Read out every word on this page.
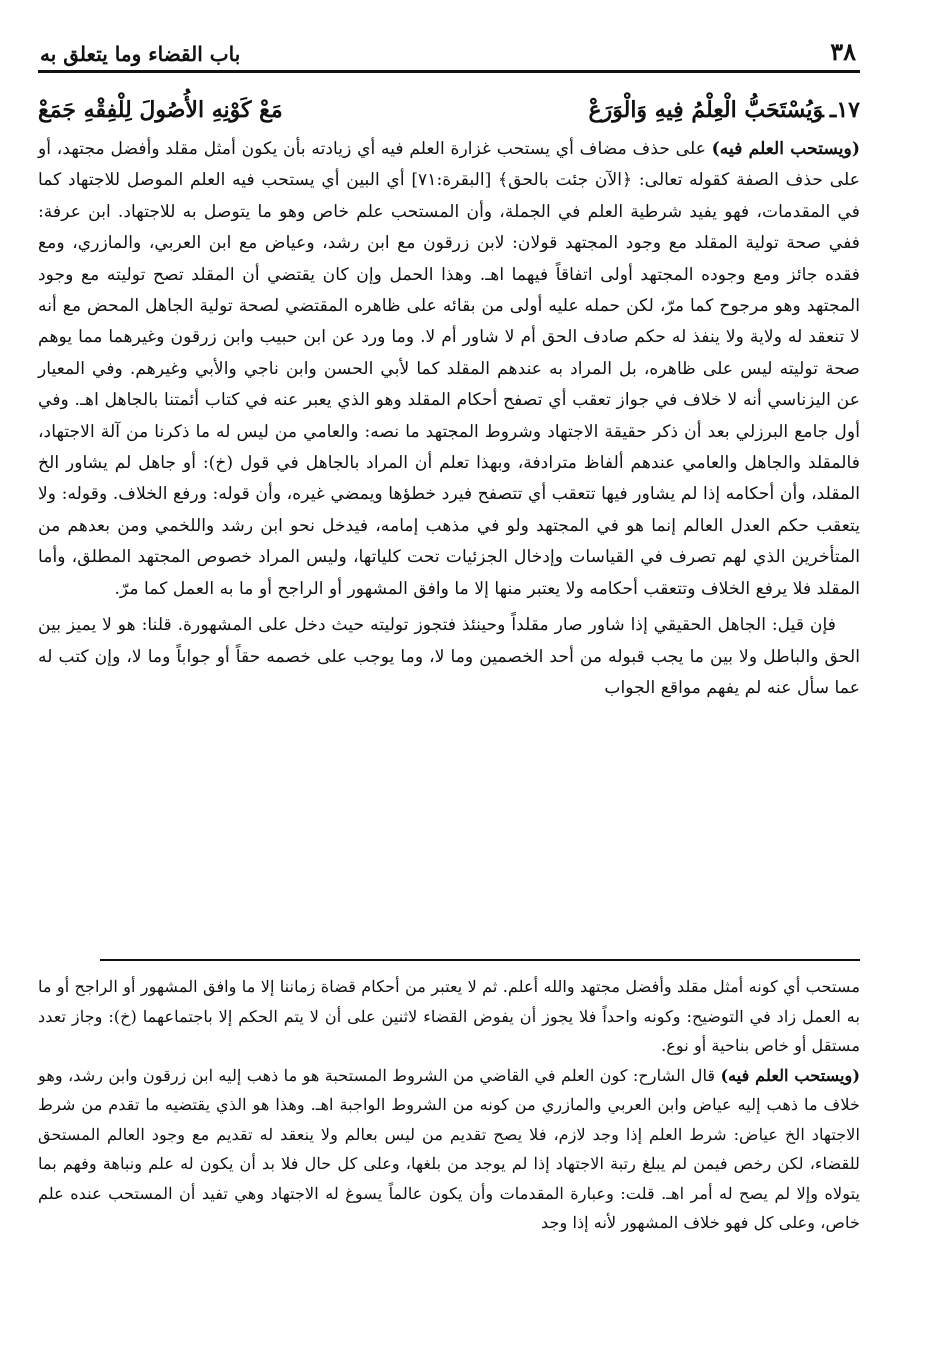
٣٨
باب القضاء وما يتعلق به
١٧ـوَيُسْتَحَبُّ الْعِلْمُ فِيهِ وَالْوَرَعْ
مَعْ كَوْنِهِ الأُصُولَ لِلْفِقْهِ جَمَعْ

(ويستحب العلم فيه) على حذف مضاف أي يستحب غزارة العلم فيه أي زيادته بأن يكون أمثل مقلد وأفضل مجتهد، أو على حذف الصفة كقوله تعالى: ﴿الآن جئت بالحق﴾ [البقرة:٧١] أي البين أي يستحب فيه العلم الموصل للاجتهاد كما في المقدمات، فهو يفيد شرطية العلم في الجملة، وأن المستحب علم خاص وهو ما يتوصل به للاجتهاد. ابن عرفة: ففي صحة تولية المقلد مع وجود المجتهد قولان: لابن زرقون مع ابن رشد، وعياض مع ابن العربي، والمازري، ومع فقده جائز ومع وجوده المجتهد أولى اتفاقاً فيهما اهـ. وهذا الحمل وإن كان يقتضي أن المقلد تصح توليته مع وجود المجتهد وهو مرجوح كما مرّ، لكن حمله عليه أولى من بقائه على ظاهره المقتضي لصحة تولية الجاهل المحض مع أنه لا تنعقد له ولاية ولا ينفذ له حكم صادف الحق أم لا شاور أم لا. وما ورد عن ابن حبيب وابن زرقون وغيرهما مما يوهم صحة توليته ليس على ظاهره، بل المراد به عندهم المقلد كما لأبي الحسن وابن ناجي والأبي وغيرهم. وفي المعيار عن اليزناسي أنه لا خلاف في جواز تعقب أي تصفح أحكام المقلد وهو الذي يعبر عنه في كتاب أئمتنا بالجاهل اهـ. وفي أول جامع البرزلي بعد أن ذكر حقيقة الاجتهاد وشروط المجتهد ما نصه: والعامي من ليس له ما ذكرنا من آلة الاجتهاد، فالمقلد والجاهل والعامي عندهم ألفاظ مترادفة، وبهذا تعلم أن المراد بالجاهل في قول (خ): أو جاهل لم يشاور الخ المقلد، وأن أحكامه إذا لم يشاور فيها تتعقب أي تتصفح فيرد خطؤها ويمضي غيره، وأن قوله: ورفع الخلاف. وقوله: ولا يتعقب حكم العدل العالم إنما هو في المجتهد ولو في مذهب إمامه، فيدخل نحو ابن رشد واللخمي ومن بعدهم من المتأخرين الذي لهم تصرف في القياسات وإدخال الجزئيات تحت كلياتها، وليس المراد خصوص المجتهد المطلق، وأما المقلد فلا يرفع الخلاف وتتعقب أحكامه ولا يعتبر منها إلا ما وافق المشهور أو الراجح أو ما به العمل كما مرّ.

فإن قيل: الجاهل الحقيقي إذا شاور صار مقلداً وحينئذ فتجوز توليته حيث دخل على المشهورة. قلنا: هو لا يميز بين الحق والباطل ولا بين ما يجب قبوله من أحد الخصمين وما لا، وما يوجب على خصمه حقاً أو جواباً وما لا، وإن كتب له عما سأل عنه لم يفهم مواقع الجواب

مستحب أي كونه أمثل مقلد وأفضل مجتهد والله أعلم. ثم لا يعتبر من أحكام قضاة زماننا إلا ما وافق المشهور أو الراجح أو ما به العمل زاد في التوضيح: وكونه واحداً فلا يجوز أن يفوض القضاء لاثنين على أن لا يتم الحكم إلا باجتماعهما (خ): وجاز تعدد مستقل أو خاص بناحية أو نوع.

(ويستحب العلم فيه) قال الشارح: كون العلم في القاضي من الشروط المستحبة هو ما ذهب إليه ابن زرقون وابن رشد، وهو خلاف ما ذهب إليه عياض وابن العربي والمازري من كونه من الشروط الواجبة اهـ. وهذا هو الذي يقتضيه ما تقدم من شرط الاجتهاد الخ عياض: شرط العلم إذا وجد لازم، فلا يصح تقديم من ليس بعالم ولا ينعقد له تقديم مع وجود العالم المستحق للقضاء، لكن رخص فيمن لم يبلغ رتبة الاجتهاد إذا لم يوجد من بلغها، وعلى كل حال فلا بد أن يكون له علم ونباهة وفهم بما يتولاه وإلا لم يصح له أمر اهـ. قلت: وعبارة المقدمات وأن يكون عالماً يسوغ له الاجتهاد وهي تفيد أن المستحب عنده علم خاص، وعلى كل فهو خلاف المشهور لأنه إذا وجد
